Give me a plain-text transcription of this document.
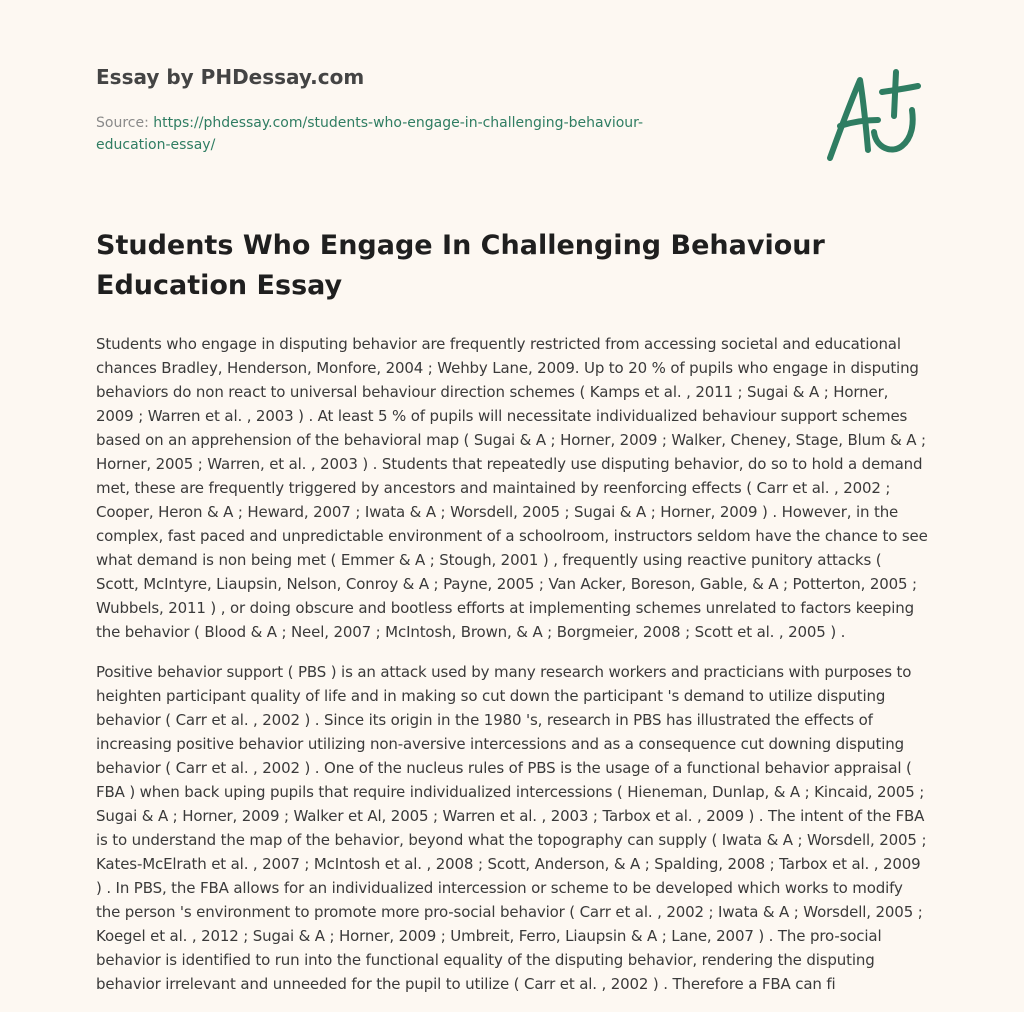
Essay by PHDessay.com
Source: https://phdessay.com/students-who-engage-in-challenging-behaviour-education-essay/
Students Who Engage In Challenging Behaviour Education Essay

Students who engage in disputing behavior are frequently restricted from accessing societal and educational chances Bradley, Henderson, Monfore, 2004 ; Wehby Lane, 2009. Up to 20 % of pupils who engage in disputing behaviors do non react to universal behaviour direction schemes ( Kamps et al. , 2011 ; Sugai & A ; Horner, 2009 ; Warren et al. , 2003 ) . At least 5 % of pupils will necessitate individualized behaviour support schemes based on an apprehension of the behavioral map ( Sugai & A ; Horner, 2009 ; Walker, Cheney, Stage, Blum & A ; Horner, 2005 ; Warren, et al. , 2003 ) . Students that repeatedly use disputing behavior, do so to hold a demand met, these are frequently triggered by ancestors and maintained by reenforcing effects ( Carr et al. , 2002 ; Cooper, Heron & A ; Heward, 2007 ; Iwata & A ; Worsdell, 2005 ; Sugai & A ; Horner, 2009 ) . However, in the complex, fast paced and unpredictable environment of a schoolroom, instructors seldom have the chance to see what demand is non being met ( Emmer & A ; Stough, 2001 ) , frequently using reactive punitory attacks ( Scott, McIntyre, Liaupsin, Nelson, Conroy & A ; Payne, 2005 ; Van Acker, Boreson, Gable, & A ; Potterton, 2005 ; Wubbels, 2011 ) , or doing obscure and bootless efforts at implementing schemes unrelated to factors keeping the behavior ( Blood & A ; Neel, 2007 ; McIntosh, Brown, & A ; Borgmeier, 2008 ; Scott et al. , 2005 ) .

Positive behavior support ( PBS ) is an attack used by many research workers and practicians with purposes to heighten participant quality of life and in making so cut down the participant 's demand to utilize disputing behavior ( Carr et al. , 2002 ) . Since its origin in the 1980 's, research in PBS has illustrated the effects of increasing positive behavior utilizing non-aversive intercessions and as a consequence cut downing disputing behavior ( Carr et al. , 2002 ) . One of the nucleus rules of PBS is the usage of a functional behavior appraisal ( FBA ) when back uping pupils that require individualized intercessions ( Hieneman, Dunlap, & A ; Kincaid, 2005 ; Sugai & A ; Horner, 2009 ; Walker et Al, 2005 ; Warren et al. , 2003 ; Tarbox et al. , 2009 ) . The intent of the FBA is to understand the map of the behavior, beyond what the topography can supply ( Iwata & A ; Worsdell, 2005 ; Kates-McElrath et al. , 2007 ; McIntosh et al. , 2008 ; Scott, Anderson, & A ; Spalding, 2008 ; Tarbox et al. , 2009 ) . In PBS, the FBA allows for an individualized intercession or scheme to be developed which works to modify the person 's environment to promote more pro-social behavior ( Carr et al. , 2002 ; Iwata & A ; Worsdell, 2005 ; Koegel et al. , 2012 ; Sugai & A ; Horner, 2009 ; Umbreit, Ferro, Liaupsin & A ; Lane, 2007 ) . The pro-social behavior is identified to run into the functional equality of the disputing behavior, rendering the disputing behavior irrelevant and unneeded for the pupil to utilize ( Carr et al. , 2002 ) . Therefore a FBA can fi
